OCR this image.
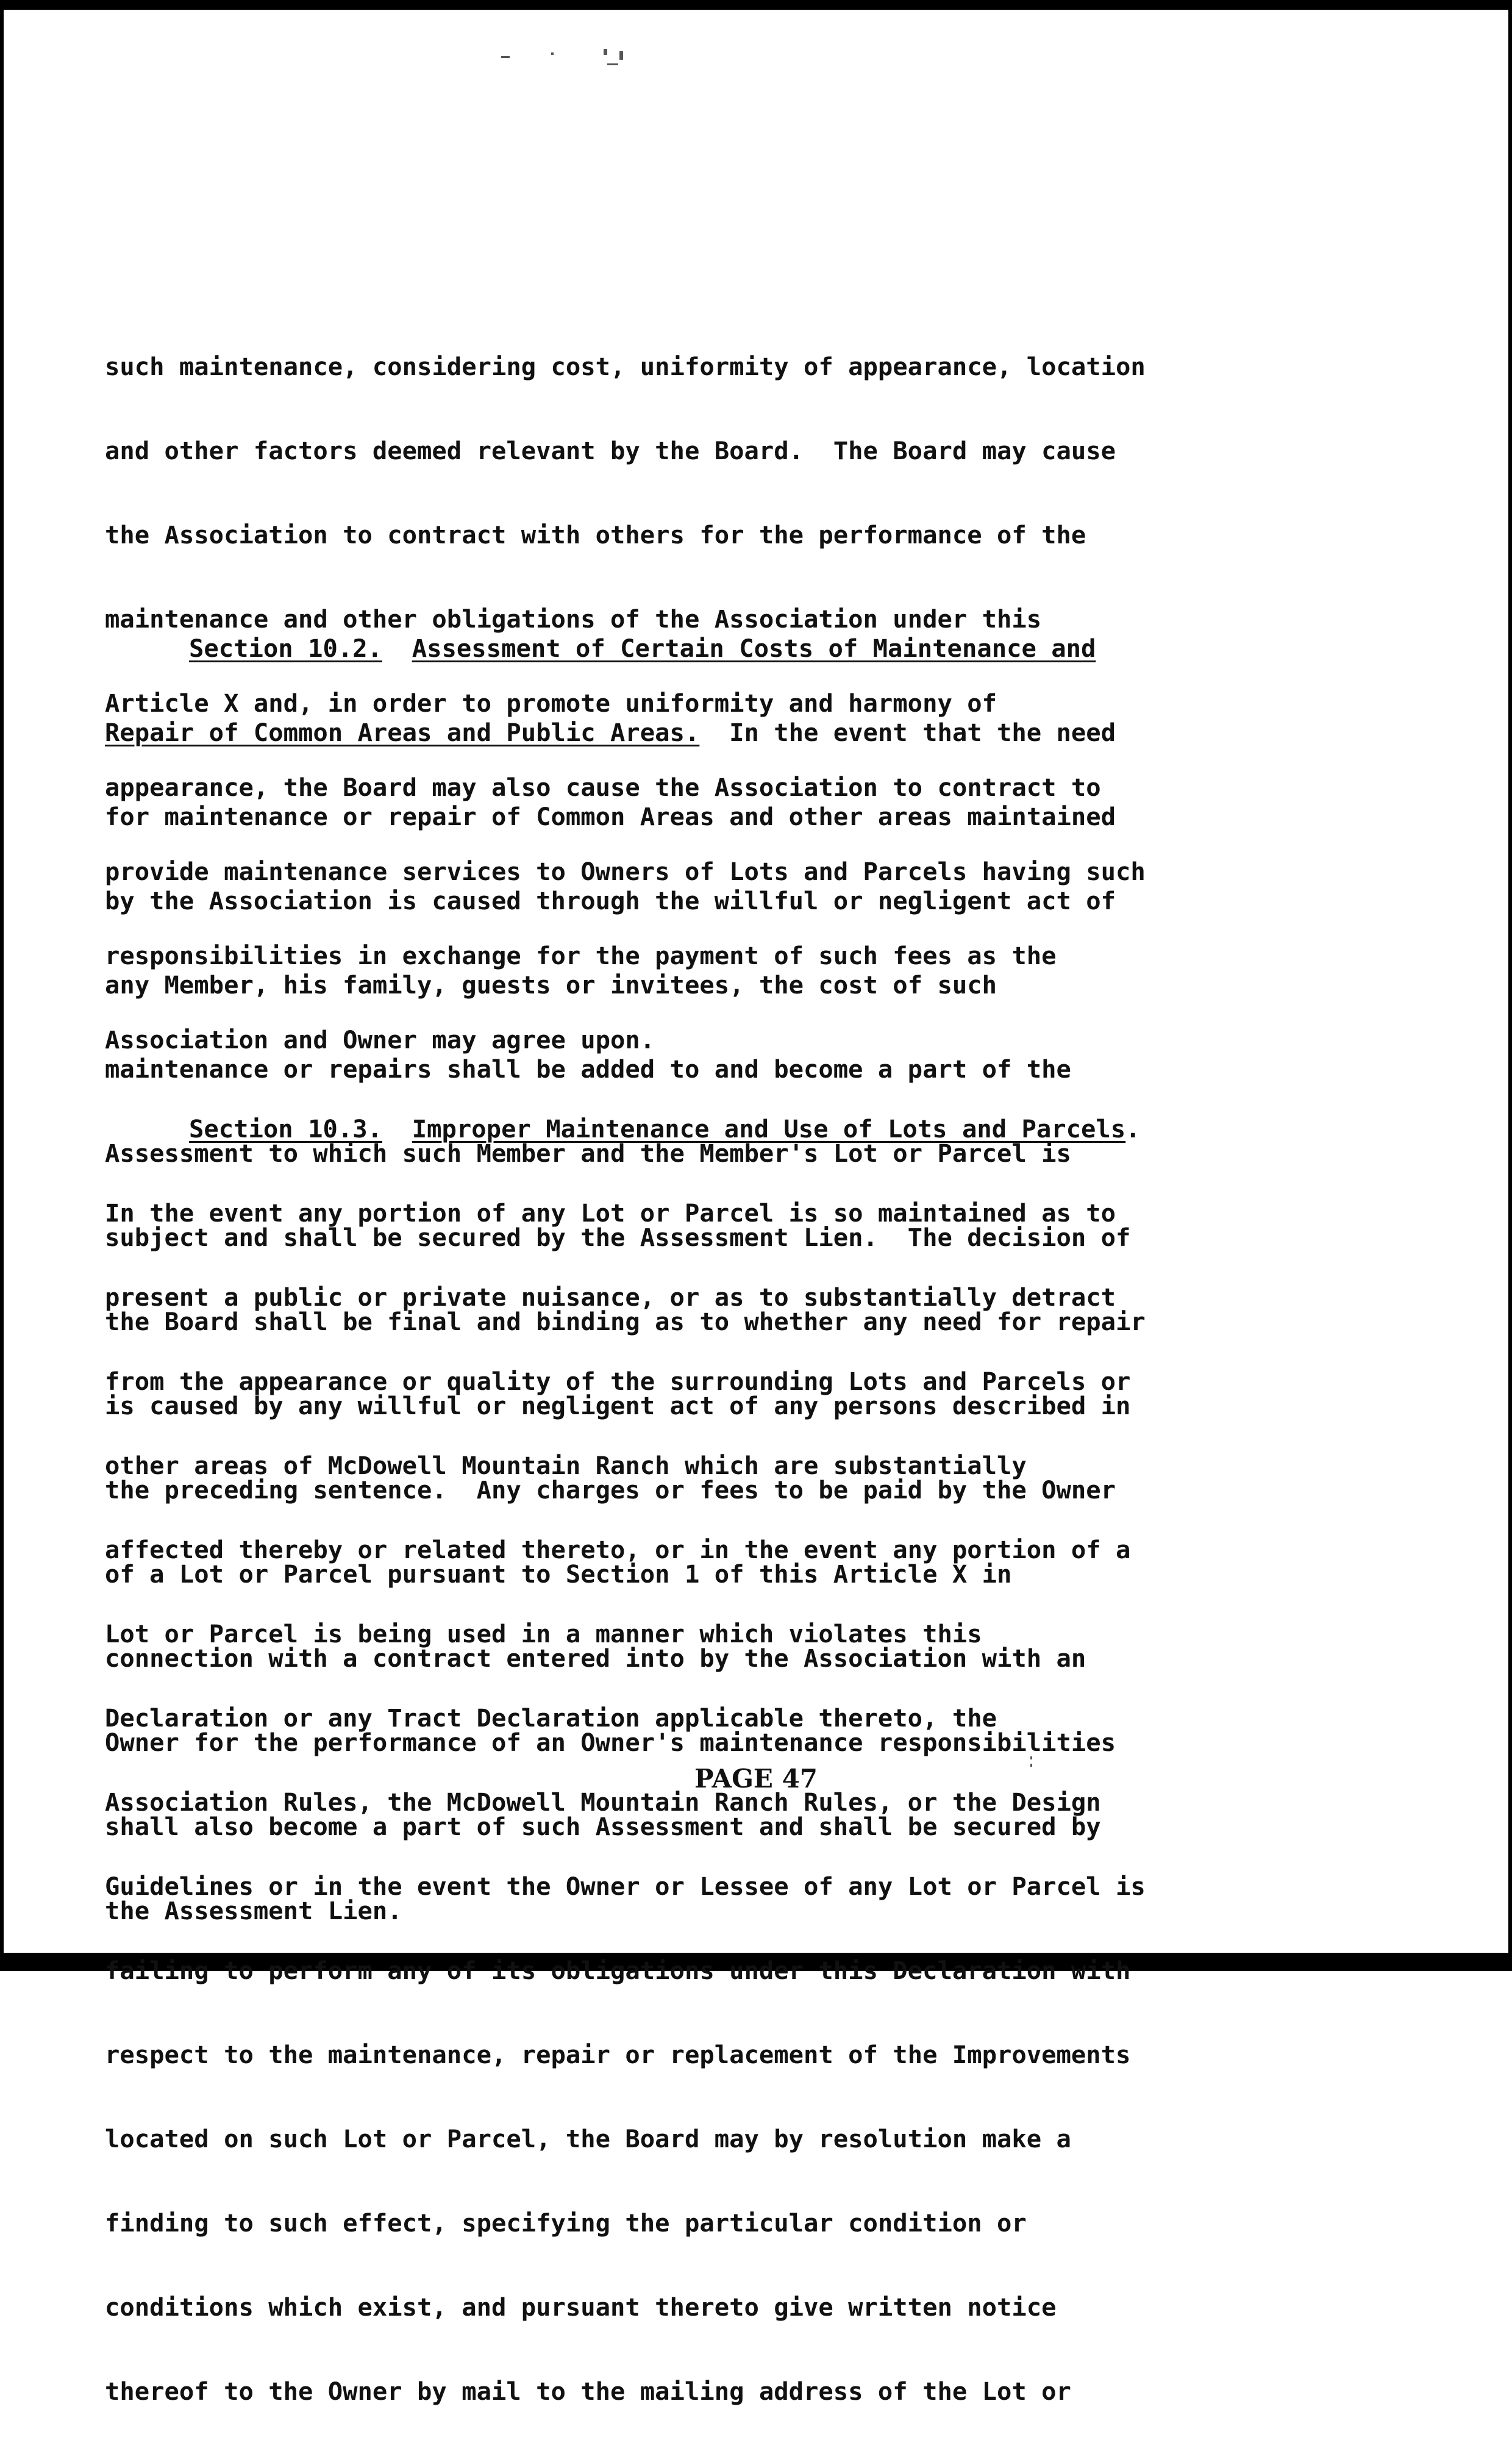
such maintenance, considering cost, uniformity of appearance, location

and other factors deemed relevant by the Board.  The Board may cause

the Association to contract with others for the performance of the

maintenance and other obligations of the Association under this

Article X and, in order to promote uniformity and harmony of

appearance, the Board may also cause the Association to contract to

provide maintenance services to Owners of Lots and Parcels having such

responsibilities in exchange for the payment of such fees as the

Association and Owner may agree upon.

Section 10.2. Assessment of Certain Costs of Maintenance and

Repair of Common Areas and Public Areas.  In the event that the need

for maintenance or repair of Common Areas and other areas maintained

by the Association is caused through the willful or negligent act of

any Member, his family, guests or invitees, the cost of such

maintenance or repairs shall be added to and become a part of the

Assessment to which such Member and the Member's Lot or Parcel is

subject and shall be secured by the Assessment Lien.  The decision of

the Board shall be final and binding as to whether any need for repair

is caused by any willful or negligent act of any persons described in

the preceding sentence.  Any charges or fees to be paid by the Owner

of a Lot or Parcel pursuant to Section 1 of this Article X in

connection with a contract entered into by the Association with an

Owner for the performance of an Owner's maintenance responsibilities

shall also become a part of such Assessment and shall be secured by

the Assessment Lien.

Section 10.3. Improper Maintenance and Use of Lots and Parcels.

In the event any portion of any Lot or Parcel is so maintained as to

present a public or private nuisance, or as to substantially detract

from the appearance or quality of the surrounding Lots and Parcels or

other areas of McDowell Mountain Ranch which are substantially

affected thereby or related thereto, or in the event any portion of a

Lot or Parcel is being used in a manner which violates this

Declaration or any Tract Declaration applicable thereto, the

Association Rules, the McDowell Mountain Ranch Rules, or the Design

Guidelines or in the event the Owner or Lessee of any Lot or Parcel is

failing to perform any of its obligations under this Declaration with

respect to the maintenance, repair or replacement of the Improvements

located on such Lot or Parcel, the Board may by resolution make a

finding to such effect, specifying the particular condition or

conditions which exist, and pursuant thereto give written notice

thereof to the Owner by mail to the mailing address of the Lot or

PAGE 47
